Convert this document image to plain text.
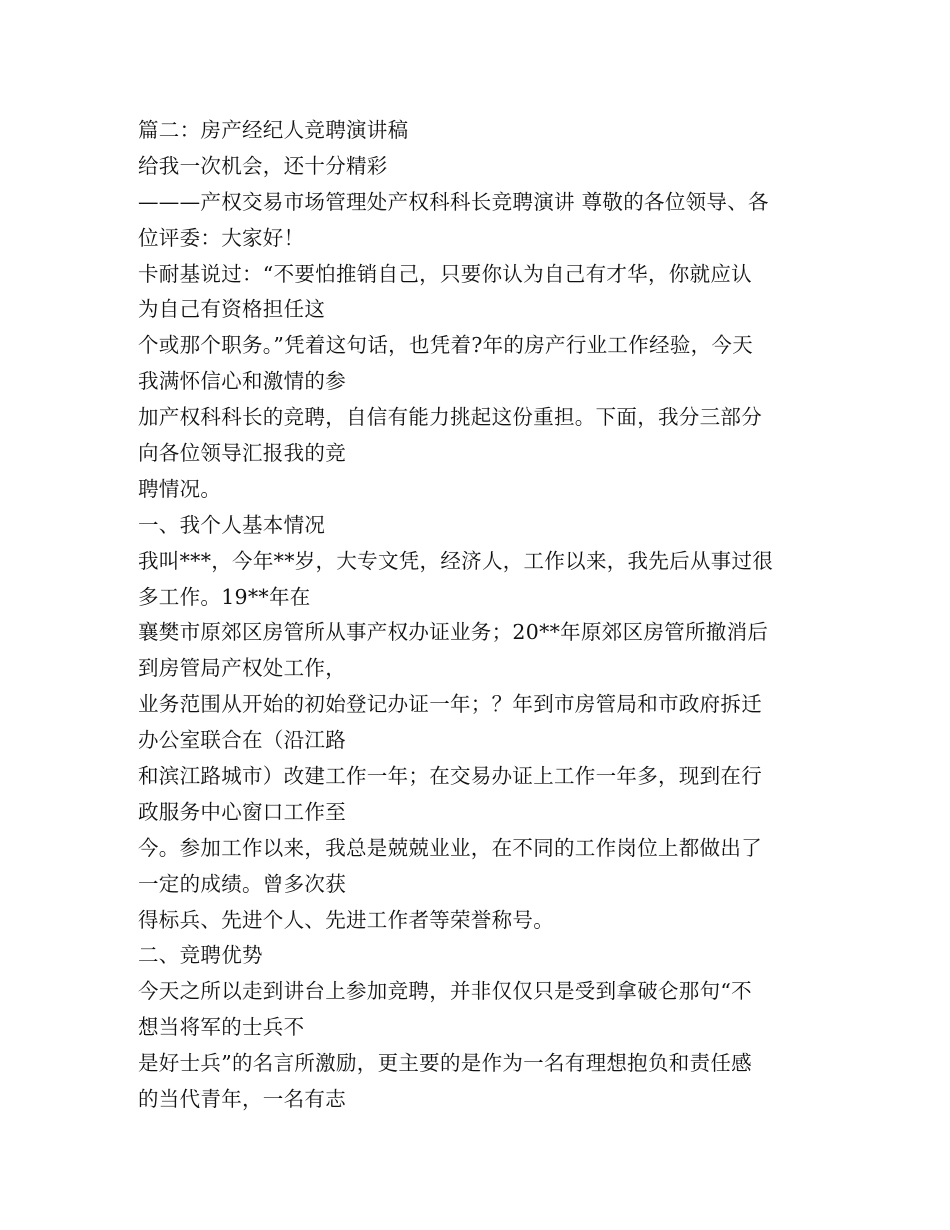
篇二：房产经纪人竞聘演讲稿
给我一次机会，还十分精彩
———产权交易市场管理处产权科科长竞聘演讲 尊敬的各位领导、各
位评委：大家好！
卡耐基说过：“不要怕推销自己，只要你认为自己有才华，你就应认
为自己有资格担任这
个或那个职务。”凭着这句话，也凭着?年的房产行业工作经验，今天
我满怀信心和激情的参
加产权科科长的竞聘，自信有能力挑起这份重担。下面，我分三部分
向各位领导汇报我的竞
聘情况。
一、我个人基本情况
我叫***，今年**岁，大专文凭，经济人，工作以来，我先后从事过很
多工作。19**年在
襄樊市原郊区房管所从事产权办证业务；20**年原郊区房管所撤消后
到房管局产权处工作，
业务范围从开始的初始登记办证一年；？年到市房管局和市政府拆迁
办公室联合在（沿江路
和滨江路城市）改建工作一年；在交易办证上工作一年多，现到在行
政服务中心窗口工作至
今。参加工作以来，我总是兢兢业业，在不同的工作岗位上都做出了
一定的成绩。曾多次获
得标兵、先进个人、先进工作者等荣誉称号。
二、竞聘优势
今天之所以走到讲台上参加竞聘，并非仅仅只是受到拿破仑那句“不
想当将军的士兵不
是好士兵”的名言所激励，更主要的是作为一名有理想抱负和责任感
的当代青年，一名有志
